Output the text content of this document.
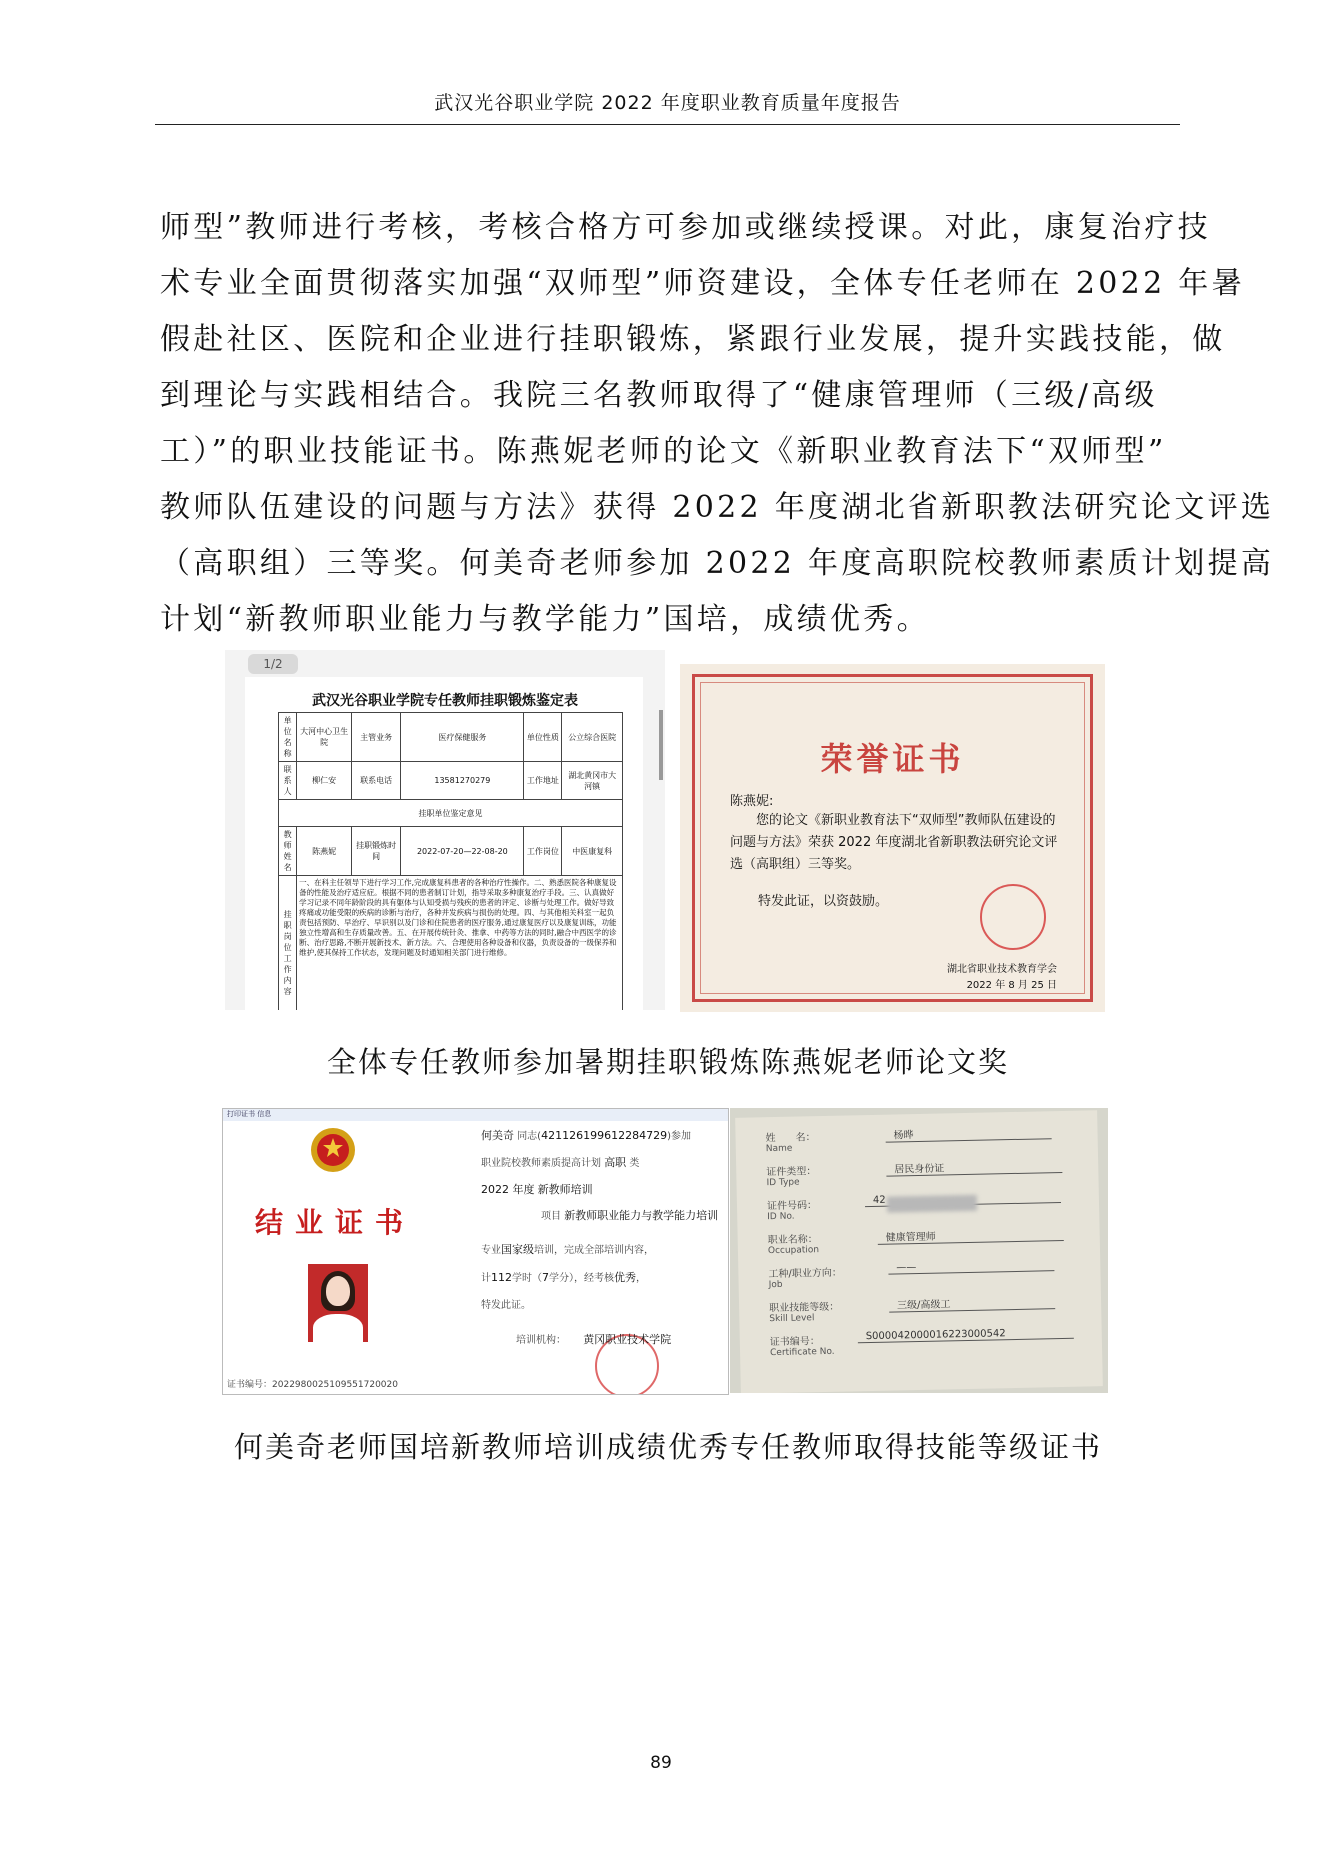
武汉光谷职业学院 2022 年度职业教育质量年度报告
师型”教师进行考核，考核合格方可参加或继续授课。对此，康复治疗技
术专业全面贯彻落实加强“双师型”师资建设，全体专任老师在 2022 年暑
假赴社区、医院和企业进行挂职锻炼，紧跟行业发展，提升实践技能，做
到理论与实践相结合。我院三名教师取得了“健康管理师（三级/高级
工）”的职业技能证书。陈燕妮老师的论文《新职业教育法下“双师型”
教师队伍建设的问题与方法》获得 2022 年度湖北省新职教法研究论文评选
（高职组）三等奖。何美奇老师参加 2022 年度高职院校教师素质计划提高
计划“新教师职业能力与教学能力”国培，成绩优秀。
1/2
武汉光谷职业学院专任教师挂职锻炼鉴定表
单位名称	大河中心卫生院	主管业务	医疗保健服务	单位性质	公立综合医院
联系人	柳仁安	联系电话	13581270279	工作地址	湖北黄冈市大河镇
挂职单位鉴定意见					
教师姓名	陈燕妮	挂职锻炼时间	2022-07-20—22-08-20	工作岗位	中医康复科
挂职岗位工作内容	一、在科主任领导下进行学习工作,完成康复科患者的各种治疗性操作。二、熟悉医院各种康复设备的性能及治疗适应症。根据不同的患者制订计划，指导采取多种康复治疗手段。三、认真做好学习记录不同年龄阶段的具有躯体与认知受损与残疾的患者的评定、诊断与处理工作。做好导致疼痛或功能受限的疾病的诊断与治疗，各种并发疾病与损伤的处理。四、与其他相关科室一起负责包括预防、早治疗、早识别以及门诊和住院患者的医疗服务,通过康复医疗以及康复训练，功能独立性增高和生存质量改善。五、在开展传统针灸、推拿、中药等方法的同时,融合中西医学的诊断、治疗思路,不断开展新技术、新方法。六、合理使用各种设备和仪器，负责设备的一级保养和维护,使其保持工作状态，发现问题及时通知相关部门进行维修。				
荣誉证书
陈燕妮:
您的论文《新职业教育法下“双师型”教师队伍建设的问题与方法》荣获 2022 年度湖北省新职教法研究论文评选（高职组）三等奖。
特发此证，以资鼓励。
湖北省职业技术教育学会
2022 年 8 月 25 日
全体专任教师参加暑期挂职锻炼陈燕妮老师论文奖
打印证书 信息
结业证书
何美奇 同志(421126199612284729)参加
职业院校教师素质提高计划 高职 类
2022 年度 新教师培训
项目 新教师职业能力与教学能力培训
专业国家级培训，完成全部培训内容，
计112学时（7学分），经考核优秀，
特发此证。
培训机构： 黄冈职业技术学院
证书编号：2022980025109551720020
姓　　名：
Name
杨晔
证件类型：
ID Type
居民身份证
证件号码：
ID No.
42
职业名称：
Occupation
健康管理师
工种/职业方向：
Job
——
职业技能等级：
Skill Level
三级/高级工
证书编号：
Certificate No.
S000042000016223000542
何美奇老师国培新教师培训成绩优秀专任教师取得技能等级证书
89
